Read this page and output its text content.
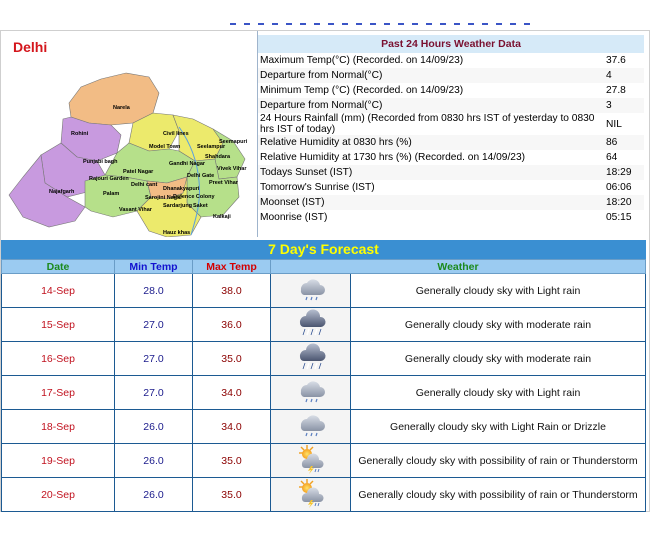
Delhi
Narela
Rohini	Civil lines
Seemapuri
Model Town	Seelampur
Shahdara
Punjabi bagh	Gandhi Nagar
Vivek Vihar
Rajouri Garden
Patel Nagar
Delhi cant	Preet Vihar
Najafgarh	Palam
Vasant Vihar
Defence Colony
Kalkaji
Sarojini Nagar
Dhanakyapuri
Saket
Hauz khas
Sardarjung
Delhi Gate
Past 24 Hours Weather Data	
Maximum Temp(°C) (Recorded. on 14/09/23)	37.6
Departure from Normal(°C)	4
Minimum Temp (°C) (Recorded. on 14/09/23)	27.8
Departure from Normal(°C)	3
24 Hours Rainfall (mm) (Recorded from 0830 hrs IST of yesterday to 0830 hrs IST of today)	NIL
Relative Humidity at 0830 hrs (%)	86
Relative Humidity at 1730 hrs (%) (Recorded. on 14/09/23)	64
Todays Sunset (IST)	18:29
Tomorrow's Sunrise (IST)	06:06
Moonset (IST)	18:20
Moonrise (IST)	05:15
7 Day's Forecast
Date	Min Temp	Max Temp	Weather	
14-Sep	28.0	38.0		Generally cloudy sky with Light rain
15-Sep	27.0	36.0		Generally cloudy sky with moderate rain
16-Sep	27.0	35.0		Generally cloudy sky with moderate rain
17-Sep	27.0	34.0		Generally cloudy sky with Light rain
18-Sep	26.0	34.0		Generally cloudy sky with Light Rain or Drizzle
19-Sep	26.0	35.0		Generally cloudy sky with possibility of rain or Thunderstorm
20-Sep	26.0	35.0		Generally cloudy sky with possibility of rain or Thunderstorm
